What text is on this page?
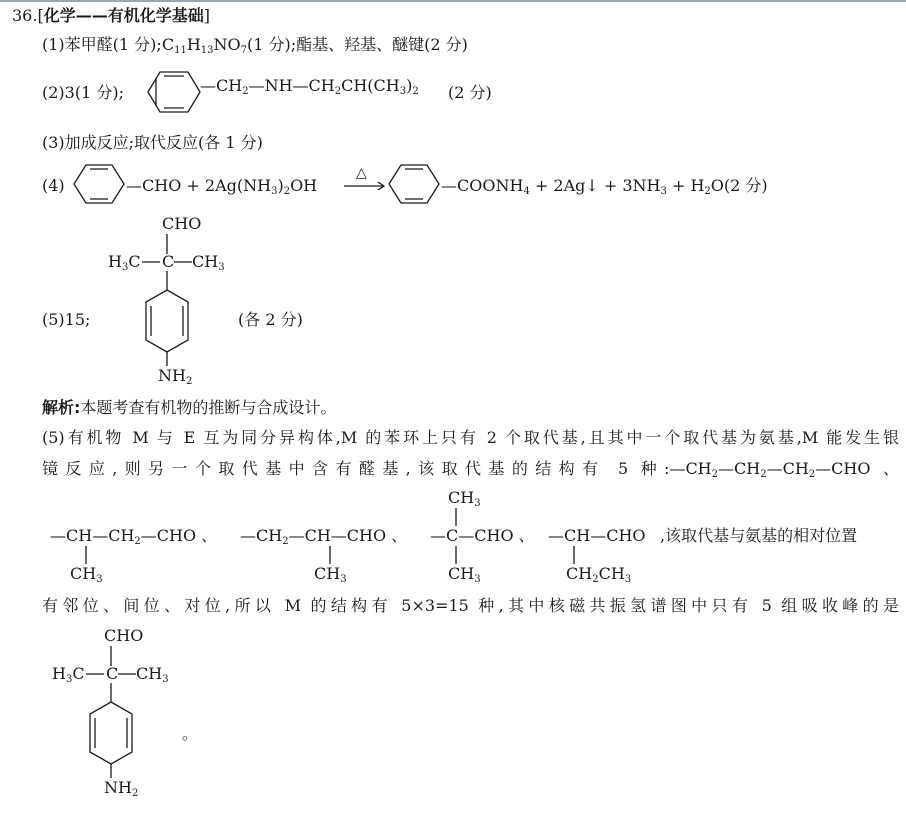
36.[化学——有机化学基础]
(1)苯甲醛(1 分)$;C_{11}H_{13}NO_7(1$ 分);酯基、羟基、醚键(2 分)
(2)3(1 分);	$—CH_2—NH—CH_2CH(CH_3)_2$ (2 分)
(3)加成反应;取代反应(各 1 分)
(4)	—CHO + $2Ag(NH_3)_2OH$
△
$—COONH_4$ + 2Ag↓ + $3NH_3 + H_2O(2$ 分)
CHO
$H_3C$ C $CH_3$
(5)15;	(各 2 分)
$NH_2$
解析:本题考查有机物的推断与合成设计。
(5)有机物 M 与 E 互为同分异构体,M 的苯环上只有 2 个取代基,且其中一个取代基为氨基,M 能发生银
镜反应,则另一个取代基中含有醛基,该取代基的结构有 5 种$:—CH_2—CH_2—CH_2—CHO$ 、
$—CH—CH_2—CHO$ 、
$CH_3$
$—CH_2—CH—CHO$ 、
$CH_3$
$CH_3$
—C—CHO 、
$CH_3$
—CH—CHO
$CH_2CH_3$
,该取代基与氨基的相对位置
有邻位、间位、对位,所以 M 的结构有 5×3=15 种,其中核磁共振氢谱图中只有 5 组吸收峰的是
CHO
$H_3C$ C $CH_3$
。
$NH_2$
